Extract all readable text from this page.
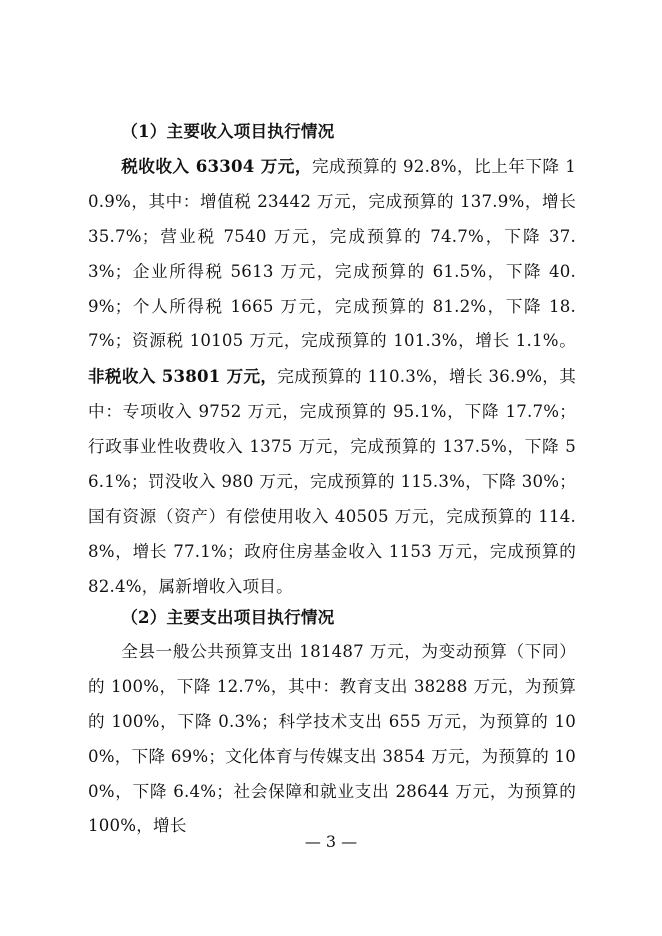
（1）主要收入项目执行情况

税收收入 63304 万元，完成预算的 92.8%，比上年下降 10.9%，其中：增值税 23442 万元，完成预算的 137.9%，增长 35.7%；营业税 7540 万元，完成预算的 74.7%，下降 37.3%；企业所得税 5613 万元，完成预算的 61.5%，下降 40.9%；个人所得税 1665 万元，完成预算的 81.2%，下降 18.7%；资源税 10105 万元，完成预算的 101.3%，增长 1.1%。非税收入 53801 万元，完成预算的 110.3%，增长 36.9%，其中：专项收入 9752 万元，完成预算的 95.1%，下降 17.7%；行政事业性收费收入 1375 万元，完成预算的 137.5%，下降 56.1%；罚没收入 980 万元，完成预算的 115.3%，下降 30%；国有资源（资产）有偿使用收入 40505 万元，完成预算的 114.8%，增长 77.1%；政府住房基金收入 1153 万元，完成预算的 82.4%，属新增收入项目。

（2）主要支出项目执行情况

全县一般公共预算支出 181487 万元，为变动预算（下同）的 100%，下降 12.7%，其中：教育支出 38288 万元，为预算的 100%，下降 0.3%；科学技术支出 655 万元，为预算的 100%，下降 69%；文化体育与传媒支出 3854 万元，为预算的 100%，下降 6.4%；社会保障和就业支出 28644 万元，为预算的 100%，增长

— 3 —
